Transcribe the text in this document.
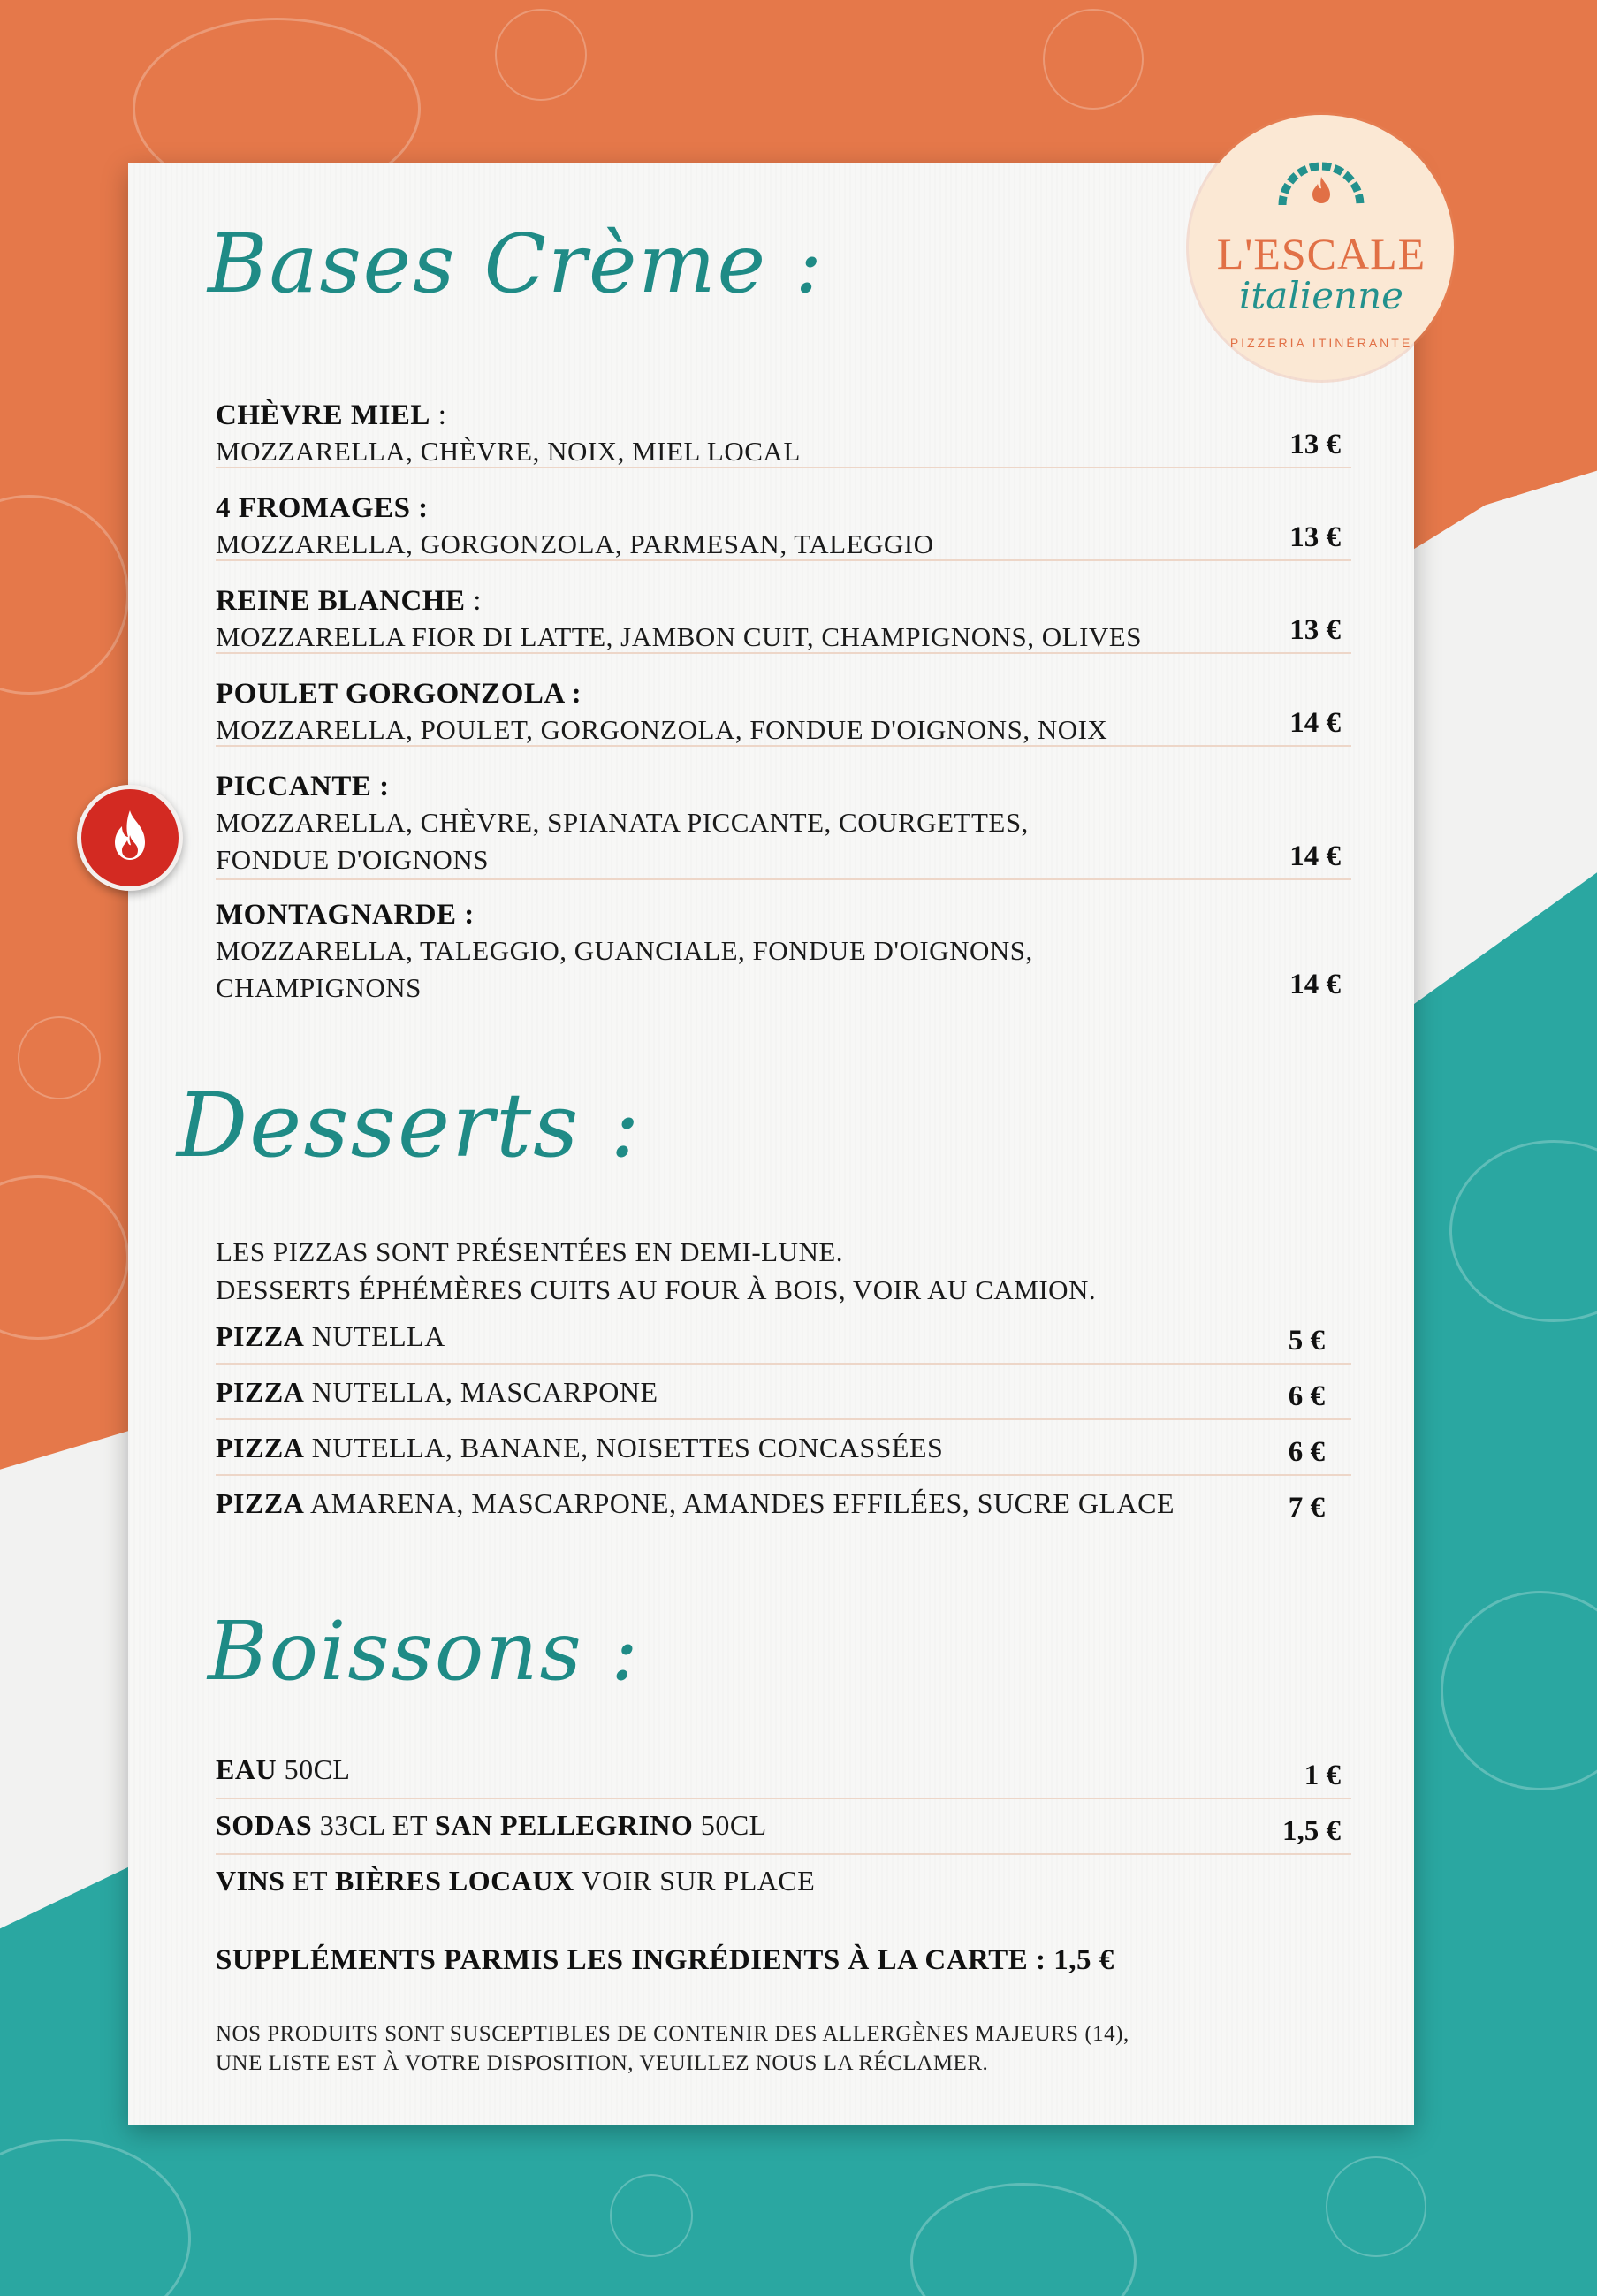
Bases Crème :
CHÈVRE MIEL :
MOZZARELLA, CHÈVRE, NOIX, MIEL LOCAL	13 €
4 FROMAGES :
MOZZARELLA, GORGONZOLA, PARMESAN, TALEGGIO	13 €
REINE BLANCHE :
MOZZARELLA FIOR DI LATTE, JAMBON CUIT, CHAMPIGNONS, OLIVES	13 €
POULET GORGONZOLA :
MOZZARELLA, POULET, GORGONZOLA, FONDUE D'OIGNONS, NOIX	14 €
PICCANTE :
MOZZARELLA, CHÈVRE, SPIANATA PICCANTE, COURGETTES,
FONDUE D'OIGNONS	14 €
MONTAGNARDE :
MOZZARELLA, TALEGGIO, GUANCIALE, FONDUE D'OIGNONS,
CHAMPIGNONS	14 €
Desserts :
LES PIZZAS SONT PRÉSENTÉES EN DEMI-LUNE.
DESSERTS ÉPHÉMÈRES CUITS AU FOUR À BOIS, VOIR AU CAMION.
PIZZA NUTELLA	5 €
PIZZA NUTELLA, MASCARPONE	6 €
PIZZA NUTELLA, BANANE, NOISETTES CONCASSÉES	6 €
PIZZA AMARENA, MASCARPONE, AMANDES EFFILÉES, SUCRE GLACE	7 €
Boissons :
EAU 50CL	1 €
SODAS 33CL ET SAN PELLEGRINO 50CL	1,5 €
VINS ET BIÈRES LOCAUX VOIR SUR PLACE
SUPPLÉMENTS PARMIS LES INGRÉDIENTS À LA CARTE : 1,5 €
NOS PRODUITS SONT SUSCEPTIBLES DE CONTENIR DES ALLERGÈNES MAJEURS (14),
UNE LISTE EST À VOTRE DISPOSITION, VEUILLEZ NOUS LA RÉCLAMER.
L'ESCALE
italienne
PIZZERIA ITINÉRANTE
